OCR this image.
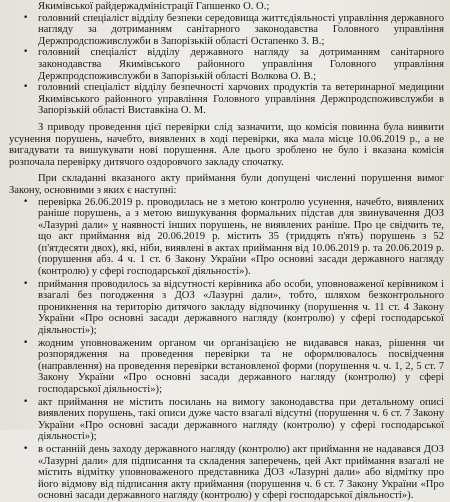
Якимівської райдержадміністрації Гапшенко О. О.;

• головний спеціаліст відділу безпеки середовища життєдіяльності управління державного нагляду за дотриманням санітарного законодавства Головного управління Держпродспоживслужби в Запорізькій області Остапенко З. В.;

• головний спеціаліст відділу державного нагляду за дотриманням санітарного законодавства Якимівського районного управління Головного управління Держпродспоживслужби в Запорізькій області Волкова О. В.;

• головний спеціаліст відділу безпечності харчових продуктів та ветеринарної медицини Якимівського районного управління Головного управління Держпродспоживслужби в Запорізькій області Виставкіна О. М.

З приводу проведення цієї перевірки слід зазначити, що комісія повинна була виявити усунення порушень, начебто, виявлених в ході перевірки, яка мала місце 10.06.2019 р., а не вигадувати та вишукувати нові порушення. Але цього зроблено не було і вказана комісія розпочала перевірку дитячого оздоровчого закладу спочатку.

При складанні вказаного акту приймання були допущені численні порушення вимог Закону, основними з яких є наступні:

• перевірка 26.06.2019 р. проводилась не з метою контролю усунення, начебто, виявлених раніше порушень, а з метою вишукування формальних підстав для звинувачення ДОЗ «Лазурні дали» у наявності інших порушень, не виявлених раніше. Про це свідчить те, що акт приймання від 20.06.2019 р. містить 35 (тридцять п'ять) порушень з 52 (п'ятдесяти двох), які, ніби, виявлені в актах приймання від 10.06.2019 р. та 20.06.2019 р. (порушення абз. 4 ч. 1 ст. 6 Закону України «Про основні засади державного нагляду (контролю) у сфері господарської діяльності»).

• приймання проводилось за відсутності керівника або особи, уповноваженої керівником і взагалі без погодження з ДОЗ «Лазурні дали», тобто, шляхом безконтрольного проникнення на територію дитячого закладу відпочинку (порушення ч. 11 ст. 4 Закону України «Про основні засади державного нагляду (контролю) у сфері господарської діяльності»);

• жодним уповноваженим органом чи організацією не видавався наказ, рішення чи розпорядження на проведення перевірки та не оформлювалось посвідчення (направлення) на проведення перевірки встановленої форми (порушення ч. ч. 1, 2, 5 ст. 7 Закону України «Про основні засади державного нагляду (контролю) у сфері господарської діяльності»);

• акт приймання не містить посилань на вимогу законодавства при детальному описі виявлених порушень, такі описи дуже часто взагалі відсутні (порушення ч. 6 ст. 7 Закону України «Про основні засади державного нагляду (контролю) у сфері господарської діяльності»);

• в останній день заходу державного нагляду (контролю) акт приймання не надавався ДОЗ «Лазурні дали» для підписання та складення заперечень, цей Акт приймання взагалі не містить відмітку уповноваженого представника ДОЗ «Лазурні дали» або відмітку про його відмову від підписання акту приймання (порушення ч. 6 ст. 7 Закону України «Про основні засади державного нагляду (контролю) у сфері господарської діяльності»).
